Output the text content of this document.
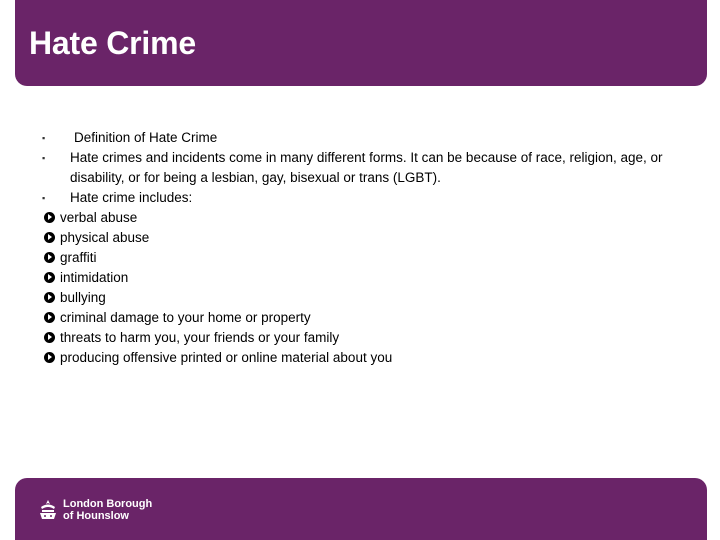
Hate Crime
▪ Definition of Hate Crime
▪ Hate crimes and incidents come in many different forms. It can be because of race, religion, age, or disability, or for being a lesbian, gay, bisexual or trans (LGBT).
▪ Hate crime includes:
verbal abuse
physical abuse
graffiti
intimidation
bullying
criminal damage to your home or property
threats to harm you, your friends or your family
producing offensive printed or online material about you
London Borough
of Hounslow
